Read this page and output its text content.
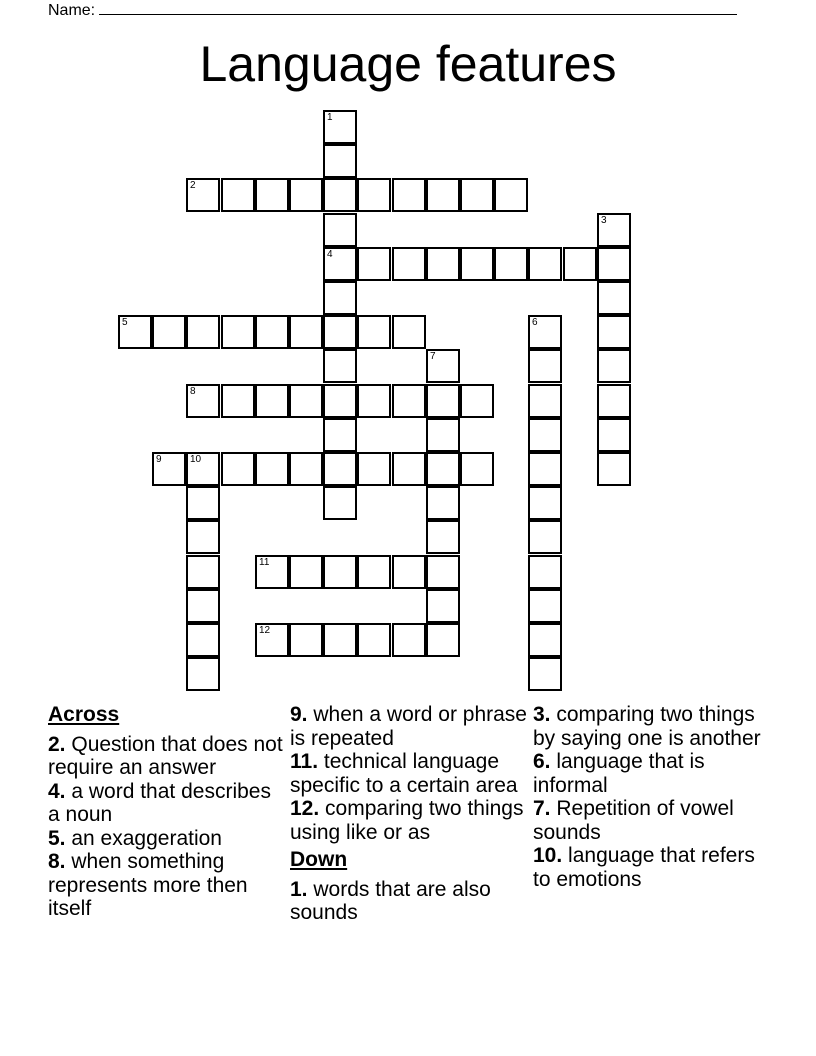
Name:
Language features
1
4
2
3
5	6
7
8
9	10
11
12
Across
2. Question that does not require an answer
4. a word that describes a noun
5. an exaggeration
8. when something represents more then itself
9. when a word or phrase is repeated
11. technical language specific to a certain area
12. comparing two things using like or as
Down
1. words that are also sounds
3. comparing two things by saying one is another
6. language that is informal
7. Repetition of vowel sounds
10. language that refers to emotions
